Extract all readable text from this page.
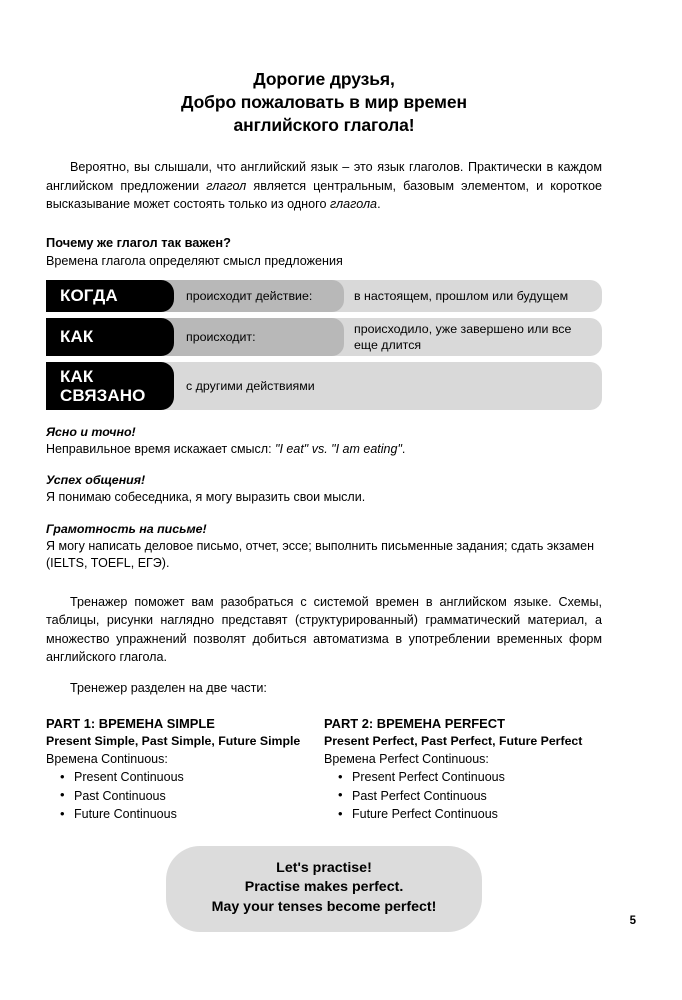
Дорогие друзья,
Добро пожаловать в мир времен
английского глагола!

Вероятно, вы слышали, что английский язык – это язык глаголов. Практически в каждом английском предложении глагол является центральным, базовым элементом, и короткое высказывание может состоять только из одного глагола.

Почему же глагол так важен?
Времена глагола определяют смысл предложения
в настоящем, прошлом или будущем
происходит действие:
КОГДА
происходило, уже завершено или все еще длится
происходит:
КАК
с другими действиями
КАК СВЯЗАНО
Ясно и точно!
Неправильное время искажает смысл: "I eat" vs. "I am eating".
Успех общения!
Я понимаю собеседника, я могу выразить свои мысли.
Грамотность на письме!
Я могу написать деловое письмо, отчет, эссе; выполнить письменные задания; сдать экзамен (IELTS, TOEFL, ЕГЭ).

Тренажер поможет вам разобраться с системой времен в английском языке. Схемы, таблицы, рисунки наглядно представят (структурированный) грамматический материал, а множество упражнений позволят добиться автоматизма в употреблении временных форм английского глагола.

Тренежер разделен на две части:

PART 1: ВРЕМЕНА SIMPLE
Present Simple, Past Simple, Future Simple
Времена Continuous:
• Present Continuous
• Past Continuous
• Future Continuous
PART 2: ВРЕМЕНА PERFECT
Present Perfect, Past Perfect, Future Perfect
Времена Perfect Continuous:
• Present Perfect Continuous
• Past Perfect Continuous
• Future Perfect Continuous
Let's practise!
Practise makes perfect.
May your tenses become perfect!
5
